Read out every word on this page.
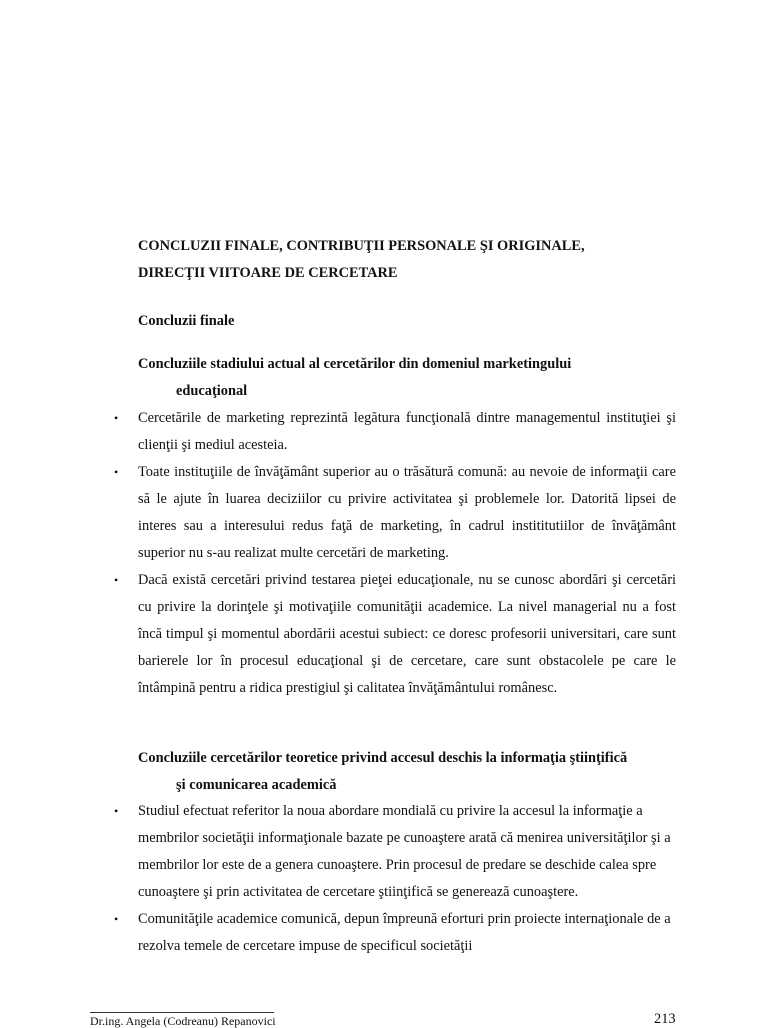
CONCLUZII FINALE, CONTRIBUŢII PERSONALE ŞI ORIGINALE,
DIRECŢII VIITOARE DE CERCETARE
Concluzii finale
Concluziile stadiului actual al cercetărilor din domeniul marketingului
educaţional
• Cercetările de marketing reprezintă legătura funcţională dintre managementul instituţiei şi clienţii şi mediul acesteia.
• Toate instituţiile de învăţământ superior au o trăsătură comună: au nevoie de informaţii care să le ajute în luarea deciziilor cu privire activitatea şi problemele lor. Datorită lipsei de interes sau a interesului redus faţă de marketing, în cadrul instititutiilor de învăţământ superior nu s-au realizat multe cercetări de marketing.
• Dacă există cercetări privind testarea pieţei educaţionale, nu se cunosc abordări şi cercetări cu privire la dorinţele şi motivaţiile comunităţii academice. La nivel managerial nu a fost încă timpul şi momentul abordării acestui subiect: ce doresc profesorii universitari, care sunt barierele lor în procesul educaţional şi de cercetare, care sunt obstacolele pe care le întâmpină pentru a ridica prestigiul şi calitatea învăţământului românesc.
Concluziile cercetărilor teoretice privind accesul deschis la informaţia ştiinţifică
şi comunicarea academică
• Studiul efectuat referitor la noua abordare mondială cu privire la accesul la informaţie a membrilor societăţii informaţionale bazate pe cunoaştere arată că menirea universităţilor şi a membrilor lor este de a genera cunoaştere. Prin procesul de predare se deschide calea spre cunoaştere şi prin activitatea de cercetare ştiinţifică se generează cunoaştere.
• Comunităţile academice comunică, depun împreună eforturi prin proiecte internaţionale de a rezolva temele de cercetare impuse de specificul societăţii
Dr.ing. Angela (Codreanu) Repanovici	213
